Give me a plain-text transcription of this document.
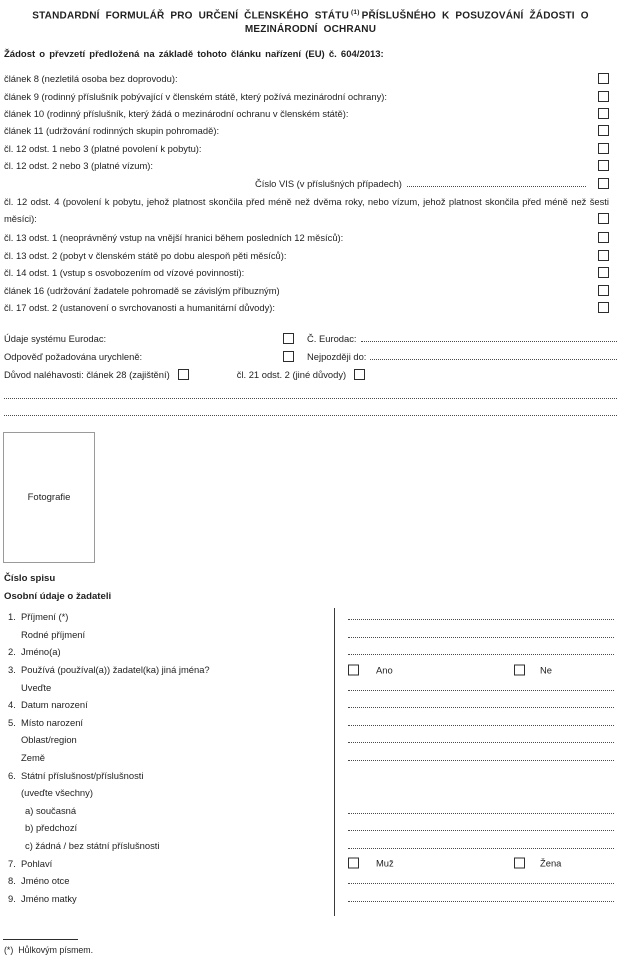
STANDARDNÍ FORMULÁŘ PRO URČENÍ ČLENSKÉHO STÁTU $^{(1)}$ PŘÍSLUŠNÉHO K POSUZOVÁNÍ ŽÁDOSTI O
MEZINÁRODNÍ OCHRANU
Žádost o převzetí předložená na základě tohoto článku nařízení (EU) č. 604/2013:
článek 8 (nezletilá osoba bez doprovodu):
článek 9 (rodinný příslušník pobývající v členském státě, který požívá mezinárodní ochrany):
článek 10 (rodinný příslušník, který žádá o mezinárodní ochranu v členském státě):
článek 11 (udržování rodinných skupin pohromadě):
čl. 12 odst. 1 nebo 3 (platné povolení k pobytu):
čl. 12 odst. 2 nebo 3 (platné vízum):
Číslo VIS (v příslušných případech)
čl. 12 odst. 4 (povolení k pobytu, jehož platnost skončila před méně než dvěma roky, nebo vízum, jehož platnost skončila před méně než šesti měsíci):
čl. 13 odst. 1 (neoprávněný vstup na vnější hranici během posledních 12 měsíců):
čl. 13 odst. 2 (pobyt v členském státě po dobu alespoň pěti měsíců):
čl. 14 odst. 1 (vstup s osvobozením od vízové povinnosti):
článek 16 (udržování žadatele pohromadě se závislým příbuzným)
čl. 17 odst. 2 (ustanovení o svrchovanosti a humanitární důvody):
Údaje systému Eurodac:	Č. Eurodac:
Odpověď požadována urychleně:	Nejpozději do:
Důvod naléhavosti: článek 28 (zajištění)	čl. 21 odst. 2 (jiné důvody)
Fotografie
Číslo spisu
Osobní údaje o žadateli
1. Příjmení (*)
Rodné příjmení
2. Jméno(a)
3. Používá (používal(a)) žadatel(ka) jiná jména?	Ano	Ne
Uveďte
4. Datum narození
5. Místo narození
Oblast/region
Země
6. Státní příslušnost/příslušnosti
(uveďte všechny)
a) současná
b) předchozí
c) žádná / bez státní příslušnosti
7. Pohlaví	Muž	Žena
8. Jméno otce
9. Jméno matky
(*) Hůlkovým písmem.
